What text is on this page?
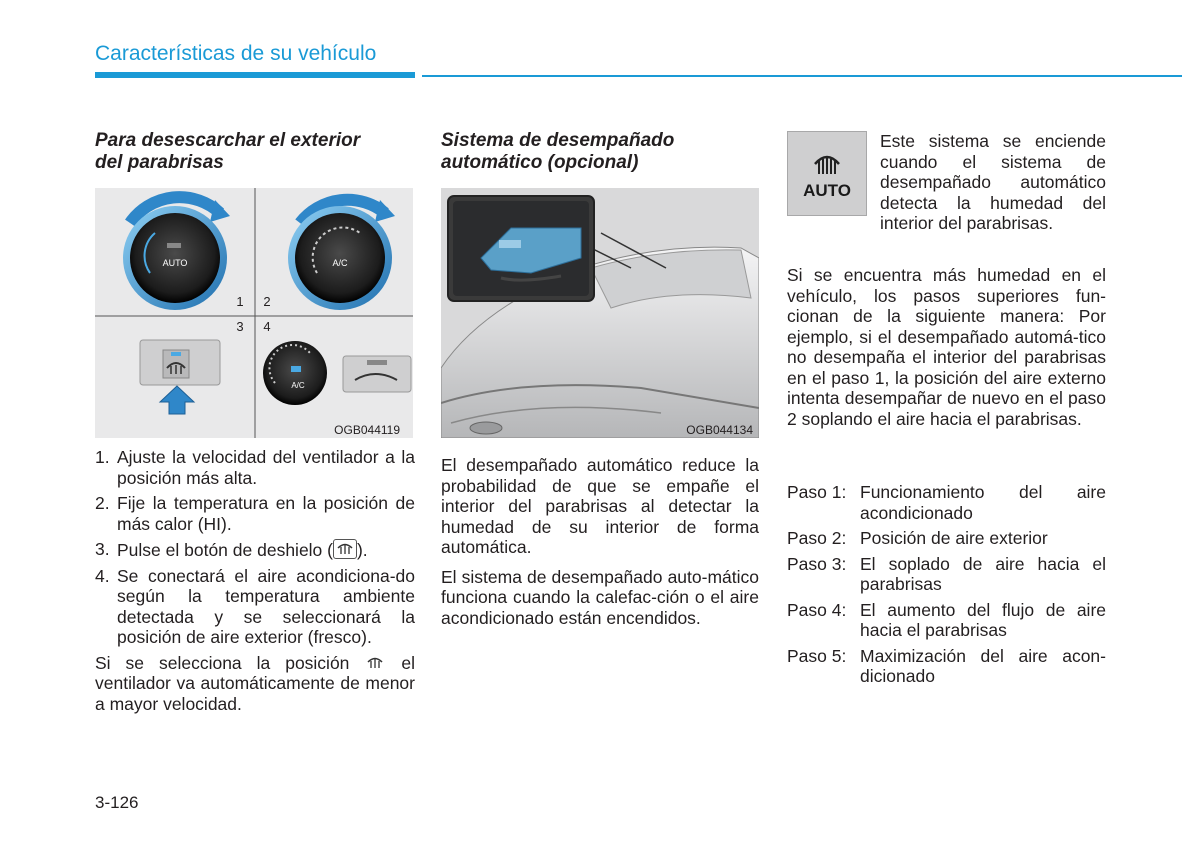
Características de su vehículo
Para desescarchar el exterior
del parabrisas
AUTO	A/C
1 2
3 4
A/C
OGB044119
1. Ajuste la velocidad del ventilador a la posición más alta.
2. Fije la temperatura en la posición de más calor (HI).
3. Pulse el botón de deshielo ( ).
4. Se conectará el aire acondiciona-do según la temperatura ambiente detectada y se seleccionará la posición de aire exterior (fresco).
Si se selecciona la posición	el ventilador va automáticamente de menor a mayor velocidad.
Sistema de desempañado
automático (opcional)
OGB044134

El desempañado automático reduce la probabilidad de que se empañe el interior del parabrisas al detectar la humedad de su interior de forma automática.

El sistema de desempañado auto-mático funciona cuando la calefac-ción o el aire acondicionado están encendidos.

AUTO
Este sistema se enciende cuando el sistema de desempañado automático detecta la humedad del interior del parabrisas.
Si se encuentra más humedad en el vehículo, los pasos superiores fun-cionan de la siguiente manera: Por ejemplo, si el desempañado automá-tico no desempaña el interior del parabrisas en el paso 1, la posición del aire externo intenta desempañar de nuevo en el paso 2 soplando el aire hacia el parabrisas.
Paso 1: Funcionamiento del aire acondicionado
Paso 2: Posición de aire exterior
Paso 3: El soplado de aire hacia el parabrisas
Paso 4: El aumento del flujo de aire hacia el parabrisas
Paso 5: Maximización del aire acon-dicionado
3-126
